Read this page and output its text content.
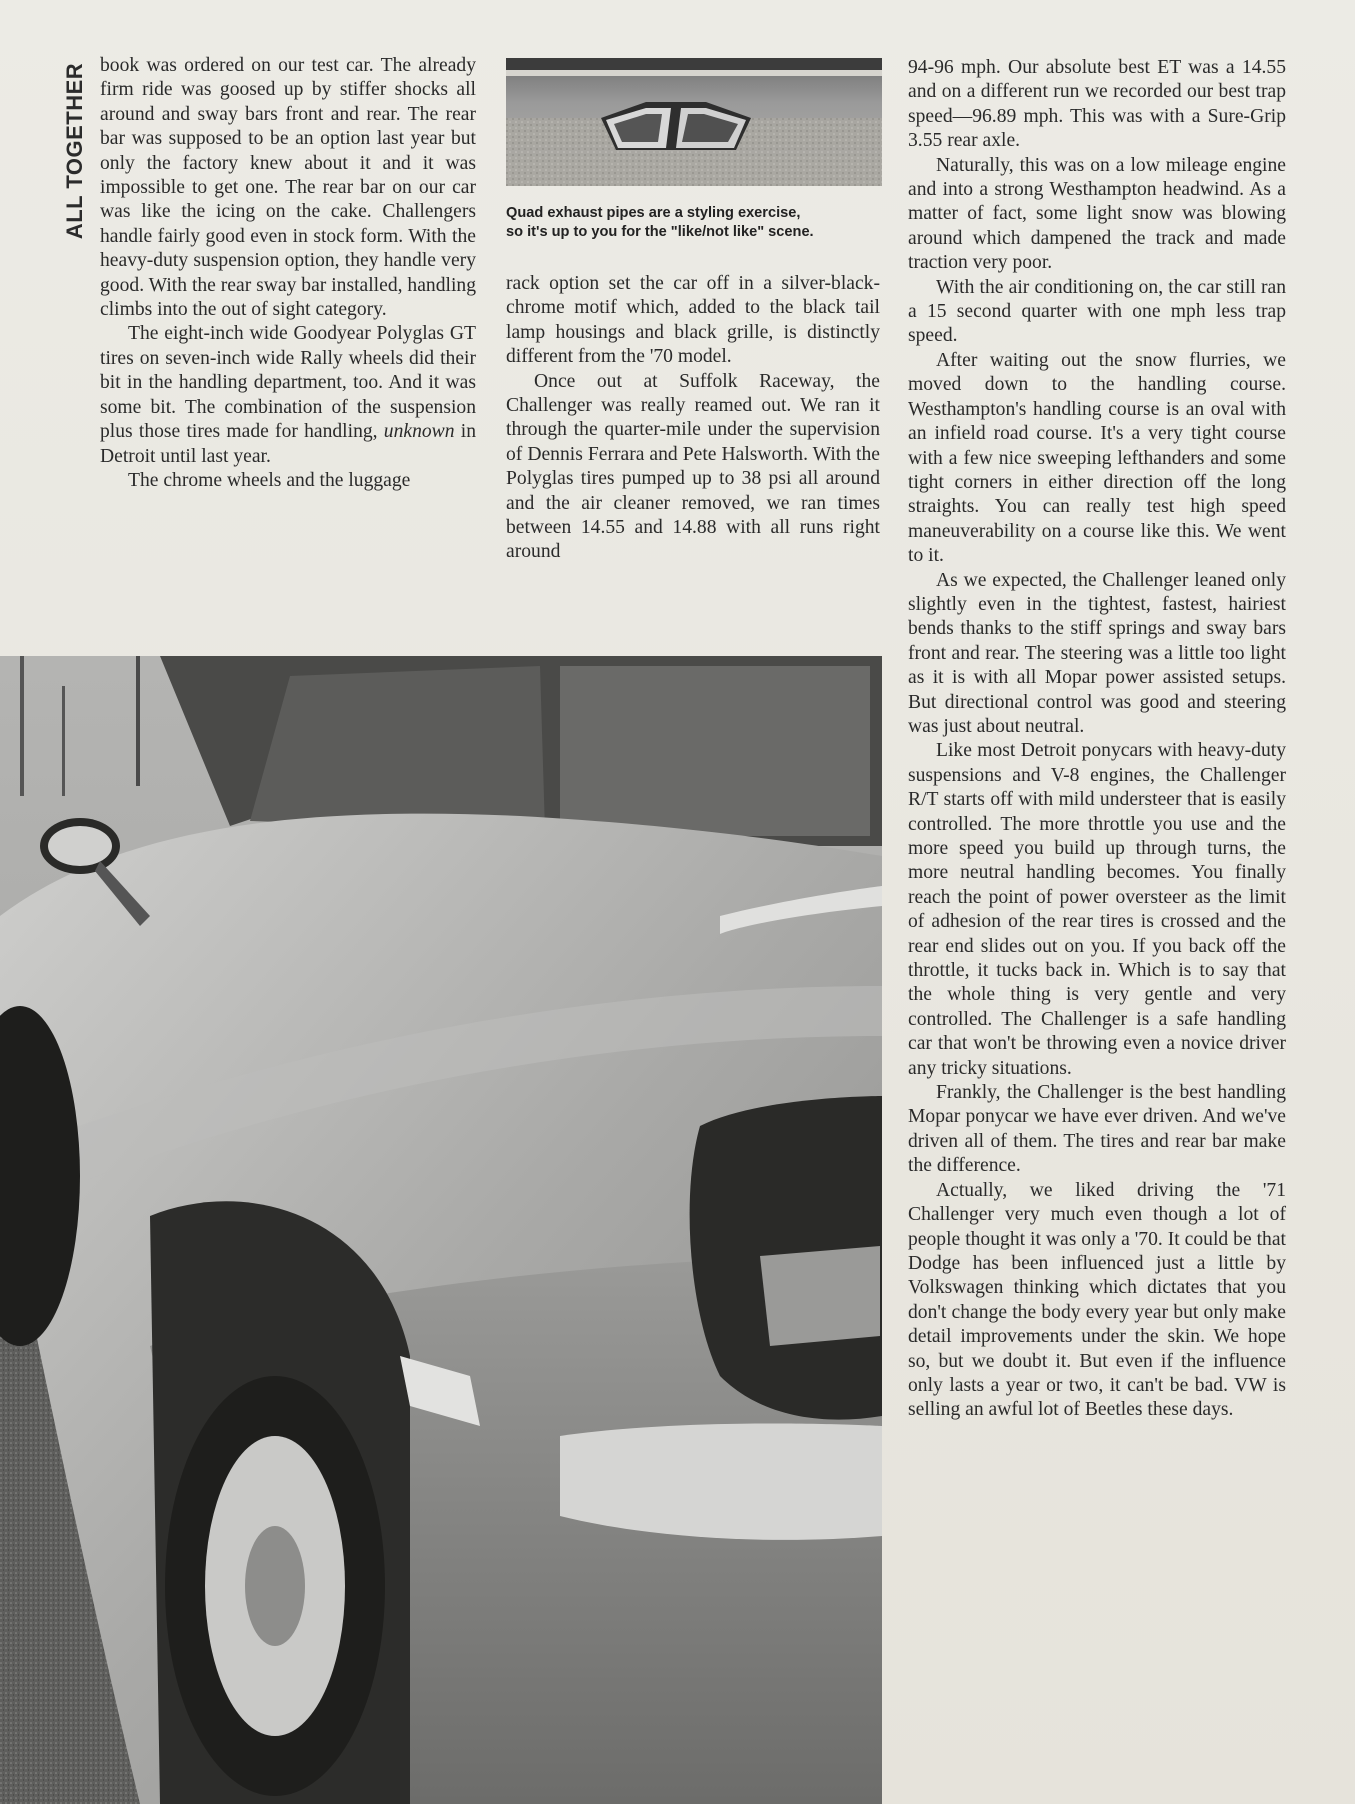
ALL TOGETHER book was ordered on our test car. The already firm ride was goosed up by stiffer shocks all around and sway bars front and rear. The rear bar was supposed to be an option last year but only the factory knew about it and it was impossible to get one. The rear bar on our car was like the icing on the cake. Challengers handle fairly good even in stock form. With the heavy-duty suspension option, they handle very good. With the rear sway bar installed, handling climbs into the out of sight category.

The eight-inch wide Goodyear Polyglas GT tires on seven-inch wide Rally wheels did their bit in the handling department, too. And it was some bit. The combination of the suspension plus those tires made for handling, unknown in Detroit until last year.

The chrome wheels and the luggage

Quad exhaust pipes are a styling exercise,
so it's up to you for the "like/not like" scene.

rack option set the car off in a silver-black-chrome motif which, added to the black tail lamp housings and black grille, is distinctly different from the '70 model.

Once out at Suffolk Raceway, the Challenger was really reamed out. We ran it through the quarter-mile under the supervision of Dennis Ferrara and Pete Halsworth. With the Polyglas tires pumped up to 38 psi all around and the air cleaner removed, we ran times between 14.55 and 14.88 with all runs right around

94-96 mph. Our absolute best ET was a 14.55 and on a different run we recorded our best trap speed—96.89 mph. This was with a Sure-Grip 3.55 rear axle.

Naturally, this was on a low mileage engine and into a strong Westhampton headwind. As a matter of fact, some light snow was blowing around which dampened the track and made traction very poor.

With the air conditioning on, the car still ran a 15 second quarter with one mph less trap speed.

After waiting out the snow flurries, we moved down to the handling course. Westhampton's handling course is an oval with an infield road course. It's a very tight course with a few nice sweeping lefthanders and some tight corners in either direction off the long straights. You can really test high speed maneuverability on a course like this. We went to it.

As we expected, the Challenger leaned only slightly even in the tightest, fastest, hairiest bends thanks to the stiff springs and sway bars front and rear. The steering was a little too light as it is with all Mopar power assisted setups. But directional control was good and steering was just about neutral.

Like most Detroit ponycars with heavy-duty suspensions and V-8 engines, the Challenger R/T starts off with mild understeer that is easily controlled. The more throttle you use and the more speed you build up through turns, the more neutral handling becomes. You finally reach the point of power oversteer as the limit of adhesion of the rear tires is crossed and the rear end slides out on you. If you back off the throttle, it tucks back in. Which is to say that the whole thing is very gentle and very controlled. The Challenger is a safe handling car that won't be throwing even a novice driver any tricky situations.

Frankly, the Challenger is the best handling Mopar ponycar we have ever driven. And we've driven all of them. The tires and rear bar make the difference.

Actually, we liked driving the '71 Challenger very much even though a lot of people thought it was only a '70. It could be that Dodge has been influenced just a little by Volkswagen thinking which dictates that you don't change the body every year but only make detail improvements under the skin. We hope so, but we doubt it. But even if the influence only lasts a year or two, it can't be bad. VW is selling an awful lot of Beetles these days.
